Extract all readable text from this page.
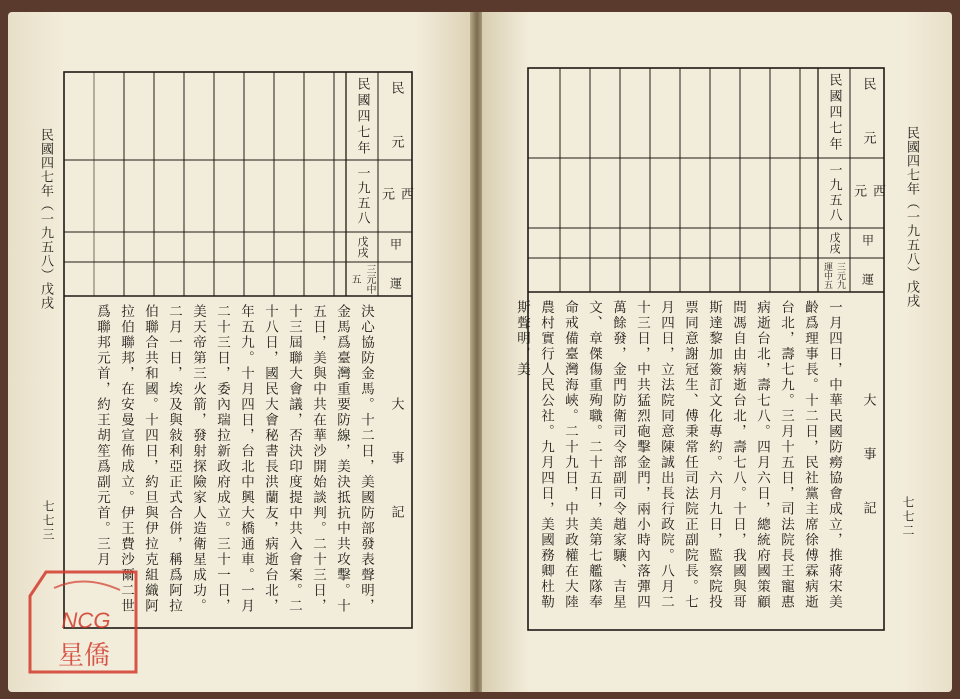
民國四七年（一九五八）戊戌
七七三
民　　元
西　　元
甲　　運
大　　事　　記
民國四七年
一九五八
戊戌
三元中五
決心協防金馬。十二日，美國防部發表聲明，金馬爲臺灣重要防線，美決抵抗中共攻擊。十五日，美與中共在華沙開始談判。二十三日，十三屆聯大會議，否決印度提中共入會案。二十八日，國民大會秘書長洪蘭友，病逝台北，年五九。十月四日，台北中興大橋通車。一月二十三日，委內瑞拉新政府成立。三十一日，美天帝第三火箭，發射探險家人造衛星成功。二月一日，埃及與敍利亞正式合併，稱爲阿拉伯聯合共和國。十四日，約旦與伊拉克組織阿拉伯聯邦，在安曼宣佈成立。伊王費沙爾二世爲聯邦元首，約王胡笙爲副元首。三月
民國四七年（一九五八）戊戌
七七二
民　　元
西　　元
甲　　運
大　　事　　記
民國四七年
一九五八
戊戌
三元九運中五
一月四日，中華民國防癆協會成立，推蔣宋美齡爲理事長。十二日，民社黨主席徐傅霖病逝台北，壽七九。三月十五日，司法院長王寵惠病逝台北，壽七八。四月六日，總統府國策顧問馮自由病逝台北，壽七八。十日，我國與哥斯達黎加簽訂文化專約。六月九日，監察院投票同意謝冠生、傅秉常任司法院正副院長。七月四日，立法院同意陳誠出長行政院。八月二十三日，中共猛烈砲擊金門，兩小時內落彈四萬餘發，金門防衛司令部副司令趙家驤、吉星文、章傑傷重殉職。二十五日，美第七艦隊奉命戒備臺灣海峽。二十九日，中共政權在大陸農村實行人民公社。九月四日，美國務卿杜勒斯聲明，美
NCG
星僑
